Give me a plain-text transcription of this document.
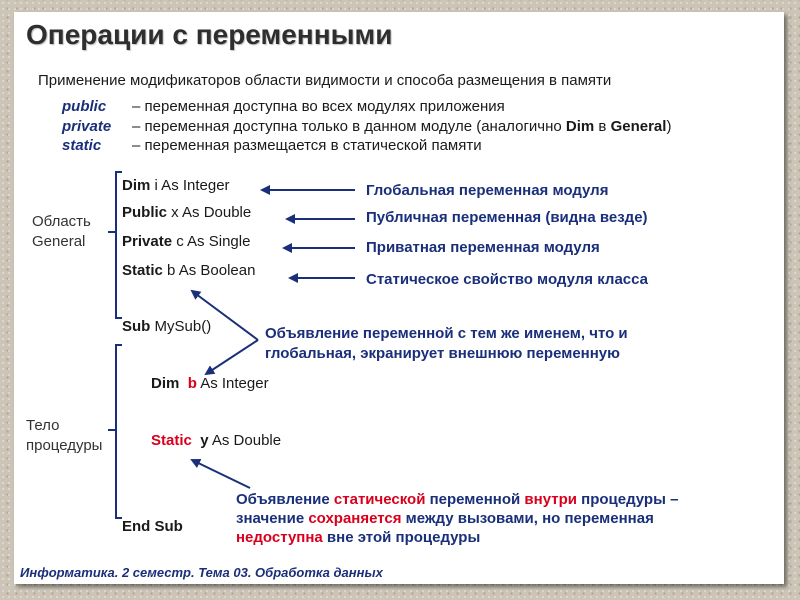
Операции с переменными
Применение модификаторов области видимости и способа размещения в памяти
public – переменная доступна во всех модулях приложения
private – переменная доступна только в данном модуле (аналогично Dim в General)
static – переменная размещается в статической памяти
Область
General
Тело
процедуры
Dim i As Integer
Public x As Double
Private c As Single
Static b As Boolean
Sub MySub()
Dim b As Integer
Static y As Double
End Sub
Глобальная переменная модуля
Публичная переменная (видна везде)
Приватная переменная модуля
Статическое свойство модуля класса
Объявление переменной с тем же именем, что и
глобальная, экранирует внешнюю переменную
Объявление статической переменной внутри процедуры –
значение сохраняется между вызовами, но переменная
недоступна вне этой процедуры
Информатика. 2 семестр. Тема 03. Обработка данных
